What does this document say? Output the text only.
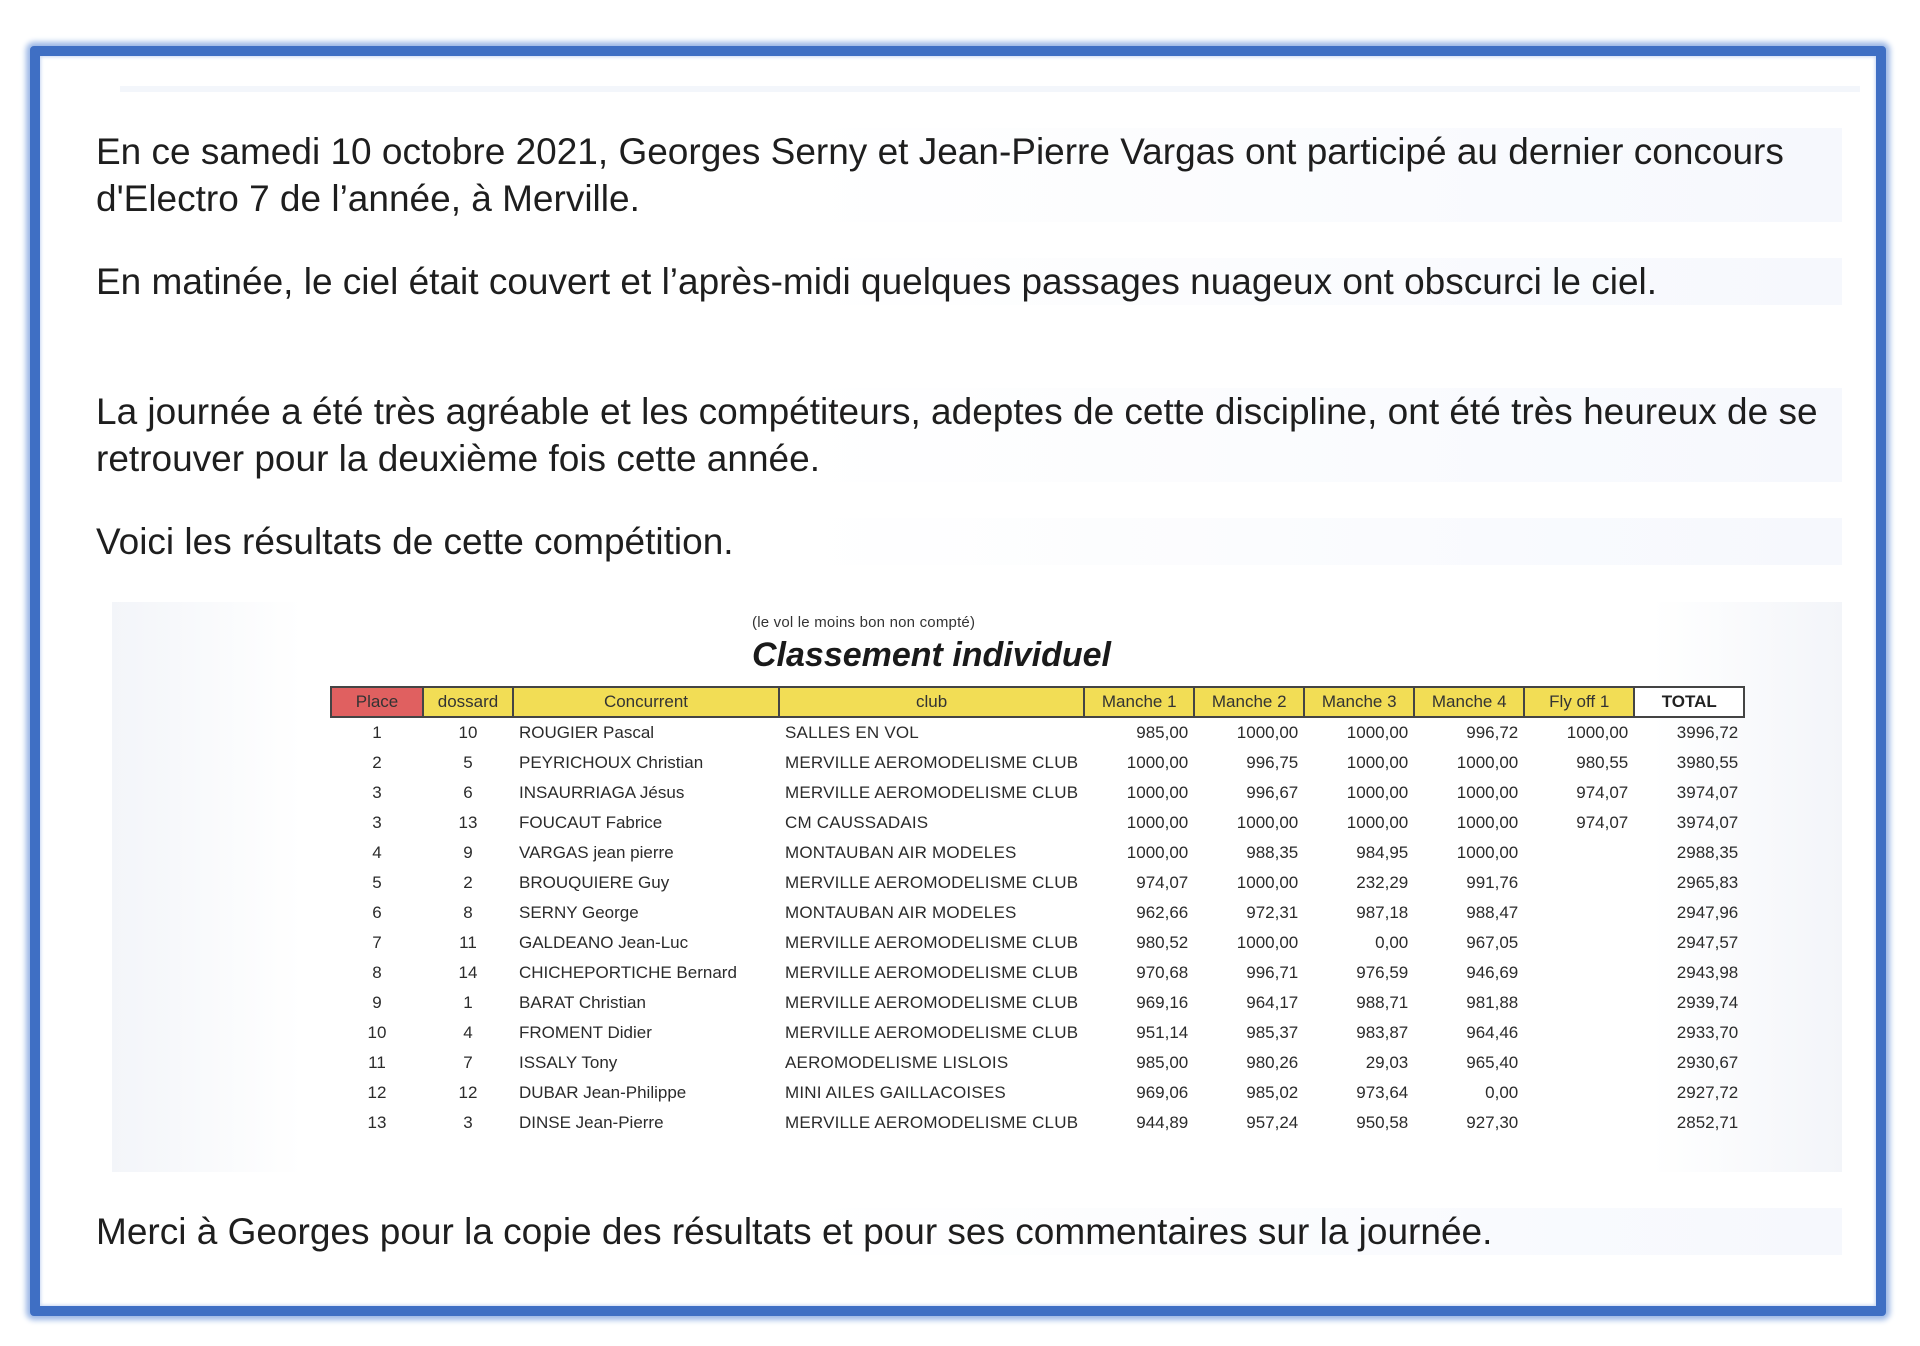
En ce samedi 10 octobre 2021, Georges Serny et Jean-Pierre Vargas ont participé au dernier concours d'Electro 7 de l’année, à Merville.
En matinée, le ciel était couvert et l’après-midi quelques passages nuageux ont obscurci le ciel.
La journée a été très agréable et les compétiteurs, adeptes de cette discipline, ont été très heureux de se retrouver pour la deuxième fois cette année.
Voici les résultats de cette compétition.
(le vol le moins bon non compté)
Classement individuel
Place	dossard	Concurrent	club	Manche 1	Manche 2	Manche 3	Manche 4	Fly off 1	TOTAL
1	10	ROUGIER Pascal	SALLES EN VOL	985,00	1000,00	1000,00	996,72	1000,00	3996,72
2	5	PEYRICHOUX Christian	MERVILLE AEROMODELISME CLUB	1000,00	996,75	1000,00	1000,00	980,55	3980,55
3	6	INSAURRIAGA Jésus	MERVILLE AEROMODELISME CLUB	1000,00	996,67	1000,00	1000,00	974,07	3974,07
3	13	FOUCAUT Fabrice	CM CAUSSADAIS	1000,00	1000,00	1000,00	1000,00	974,07	3974,07
4	9	VARGAS jean pierre	MONTAUBAN AIR MODELES	1000,00	988,35	984,95	1000,00		2988,35
5	2	BROUQUIERE Guy	MERVILLE AEROMODELISME CLUB	974,07	1000,00	232,29	991,76		2965,83
6	8	SERNY George	MONTAUBAN AIR MODELES	962,66	972,31	987,18	988,47		2947,96
7	11	GALDEANO Jean-Luc	MERVILLE AEROMODELISME CLUB	980,52	1000,00	0,00	967,05		2947,57
8	14	CHICHEPORTICHE Bernard	MERVILLE AEROMODELISME CLUB	970,68	996,71	976,59	946,69		2943,98
9	1	BARAT Christian	MERVILLE AEROMODELISME CLUB	969,16	964,17	988,71	981,88		2939,74
10	4	FROMENT Didier	MERVILLE AEROMODELISME CLUB	951,14	985,37	983,87	964,46		2933,70
11	7	ISSALY Tony	AEROMODELISME LISLOIS	985,00	980,26	29,03	965,40		2930,67
12	12	DUBAR Jean-Philippe	MINI AILES GAILLACOISES	969,06	985,02	973,64	0,00		2927,72
13	3	DINSE Jean-Pierre	MERVILLE AEROMODELISME CLUB	944,89	957,24	950,58	927,30		2852,71
Merci à Georges pour la copie des résultats et pour ses commentaires sur la journée.
